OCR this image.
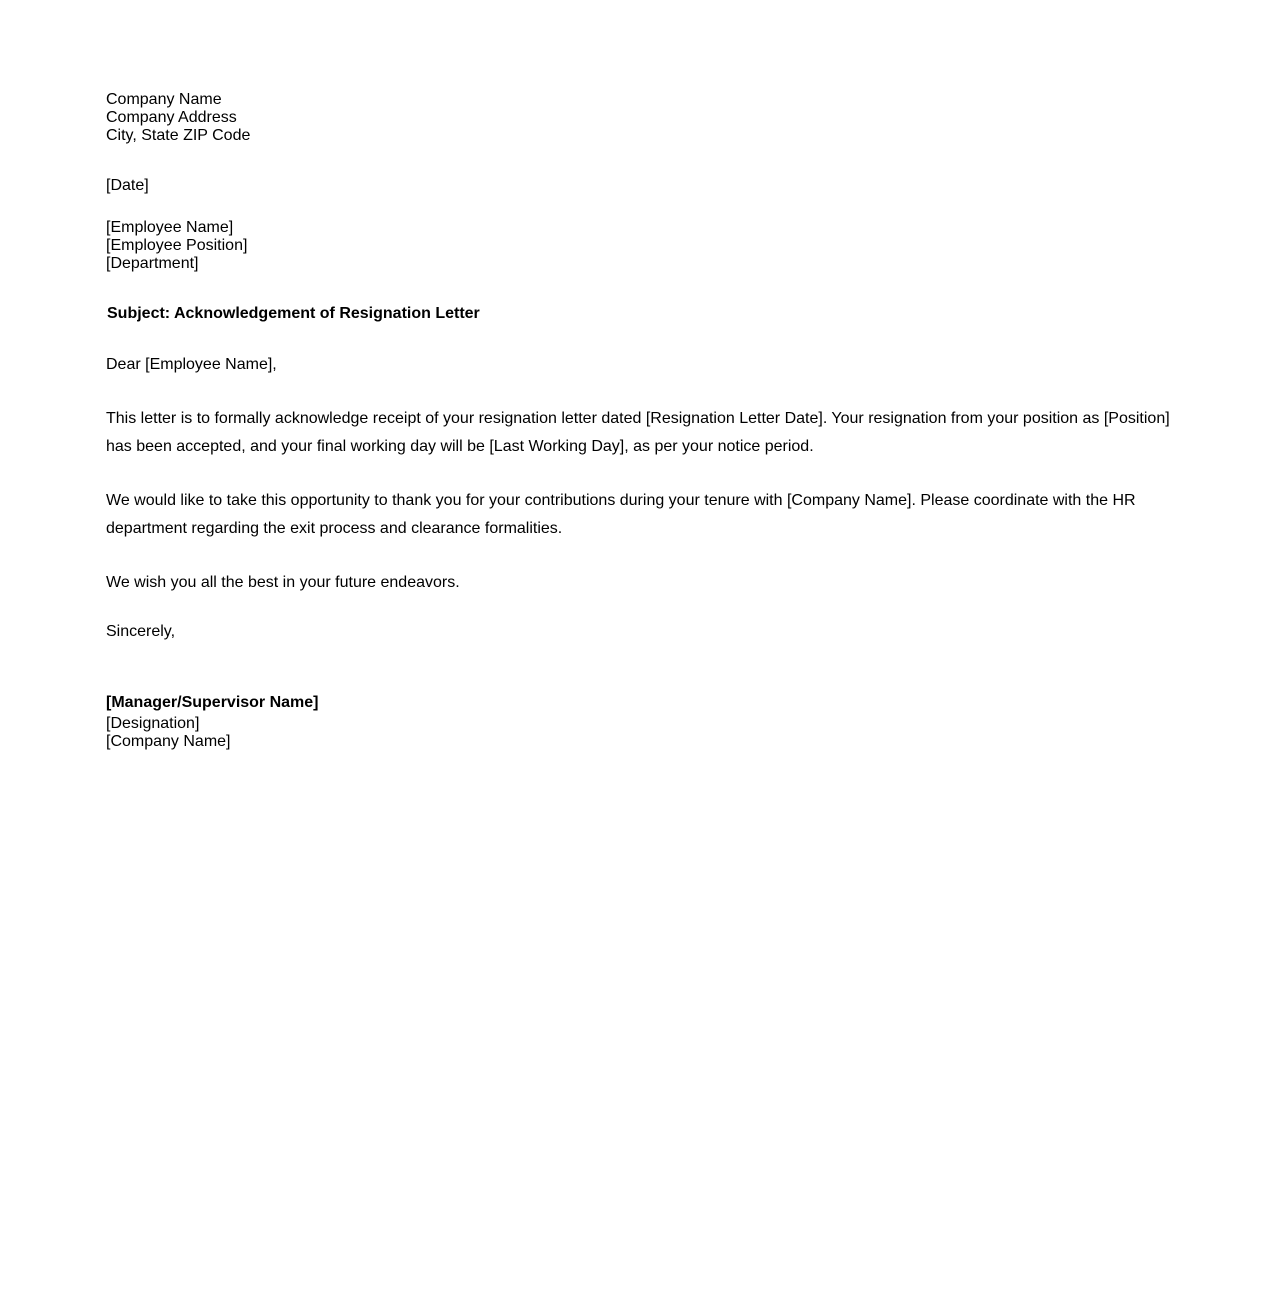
Company Name
Company Address
City, State ZIP Code
[Date]
[Employee Name]
[Employee Position]
[Department]
Subject: Acknowledgement of Resignation Letter
Dear [Employee Name],
This letter is to formally acknowledge receipt of your resignation letter dated [Resignation Letter Date]. Your resignation from your position as [Position] has been accepted, and your final working day will be [Last Working Day], as per your notice period.
We would like to take this opportunity to thank you for your contributions during your tenure with [Company Name]. Please coordinate with the HR department regarding the exit process and clearance formalities.
We wish you all the best in your future endeavors.
Sincerely,
[Manager/Supervisor Name]
[Designation]
[Company Name]
